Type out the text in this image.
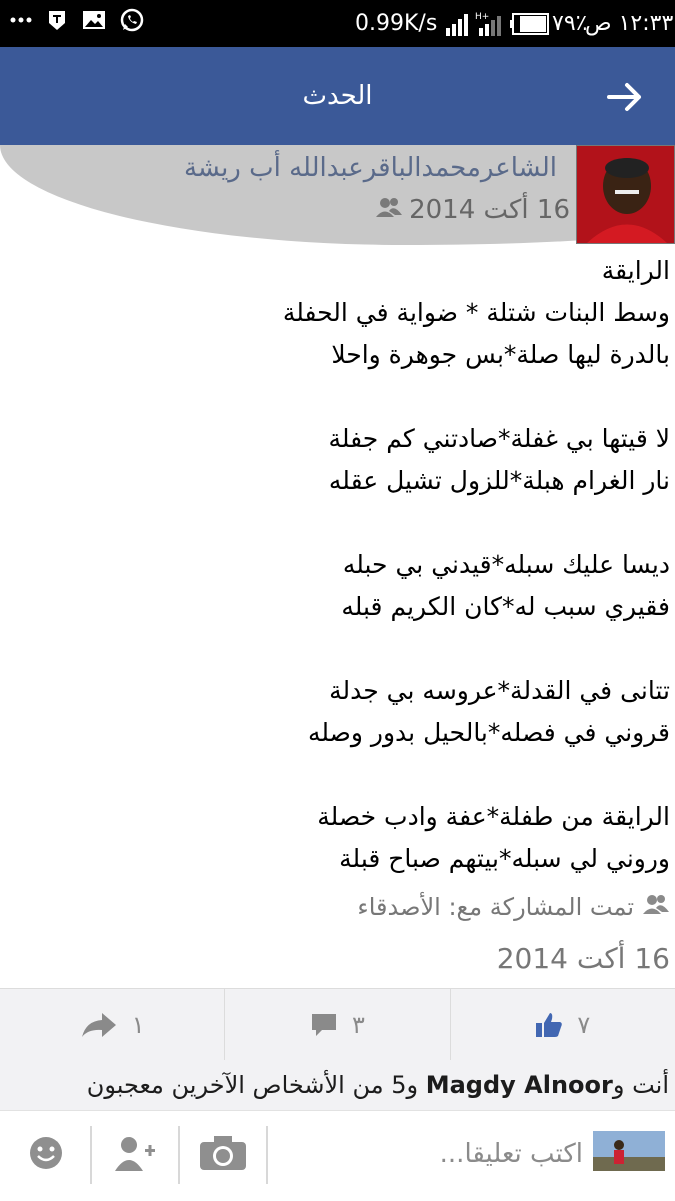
0.99K/s	H+	٧٩٪
١٢:٣٣ ص
الحدث
الشاعرمحمدالباقرعبدالله أب ريشة
16 أكت 2014
الرايقة
وسط البنات شتلة * ضواية في الحفلة
بالدرة ليها صلة*بس جوهرة واحلا
لا قيتها بي غفلة*صادتني كم جفلة
نار الغرام هبلة*للزول تشيل عقله
ديسا عليك سبله*قيدني بي حبله
فقيري سبب له*كان الكريم قبله
تتانى في القدلة*عروسه بي جدلة
قروني في فصله*بالحيل بدور وصله
الرايقة من طفلة*عفة وادب خصلة
وروني لي سبله*بيتهم صباح قبلة
تمت المشاركة مع: الأصدقاء
16 أكت 2014
١	٣	٧
أنت وMagdy Alnoor و5 من الأشخاص الآخرين معجبون
اكتب تعليقا...
